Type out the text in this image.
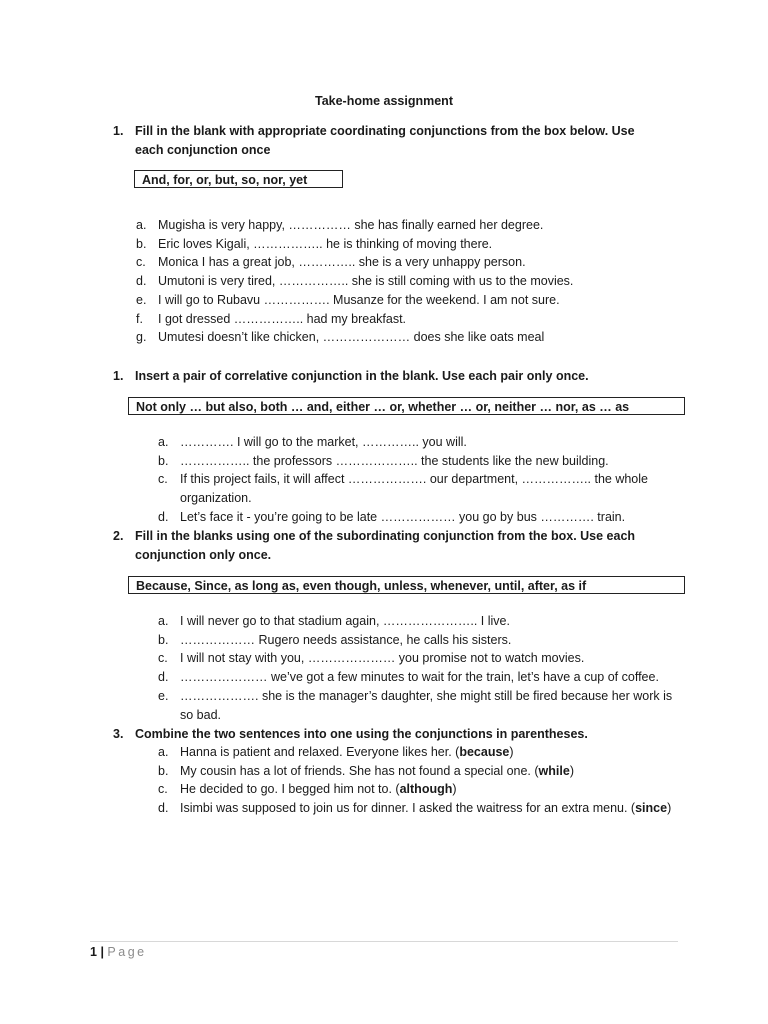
Take-home assignment
1. Fill in the blank with appropriate coordinating conjunctions from the box below. Use each conjunction once
And, for, or, but, so, nor, yet
a. Mugisha is very happy, …………… she has finally earned her degree.
b. Eric loves Kigali, …………….. he is thinking of moving there.
c. Monica I has a great job, ………….. she is a very unhappy person.
d. Umutoni is very tired, …………….. she is still coming with us to the movies.
e. I will go to Rubavu ……………. Musanze for the weekend. I am not sure.
f. I got dressed …………….. had my breakfast.
g. Umutesi doesn’t like chicken, ………………… does she like oats meal
1. Insert a pair of correlative conjunction in the blank. Use each pair only once.
Not only … but also, both … and, either … or, whether … or, neither … nor, as … as
a. …………. I will go to the market, ………….. you will.
b. …………….. the professors ……………….. the students like the new building.
c. If this project fails, it will affect ………………. our department, …………….. the whole organization.
d. Let’s face it - you’re going to be late ……………… you go by bus …………. train.
2. Fill in the blanks using one of the subordinating conjunction from the box. Use each conjunction only once.
Because, Since, as long as, even though, unless, whenever, until, after, as if
a. I will never go to that stadium again, ………………….. I live.
b. ……………… Rugero needs assistance, he calls his sisters.
c. I will not stay with you, ………………… you promise not to watch movies.
d. ………………… we’ve got a few minutes to wait for the train, let’s have a cup of coffee.
e. ………………. she is the manager’s daughter, she might still be fired because her work is so bad.
3. Combine the two sentences into one using the conjunctions in parentheses.
a. Hanna is patient and relaxed. Everyone likes her. (because)
b. My cousin has a lot of friends. She has not found a special one. (while)
c. He decided to go. I begged him not to. (although)
d. Isimbi was supposed to join us for dinner. I asked the waitress for an extra menu. (since)
1 | Page
